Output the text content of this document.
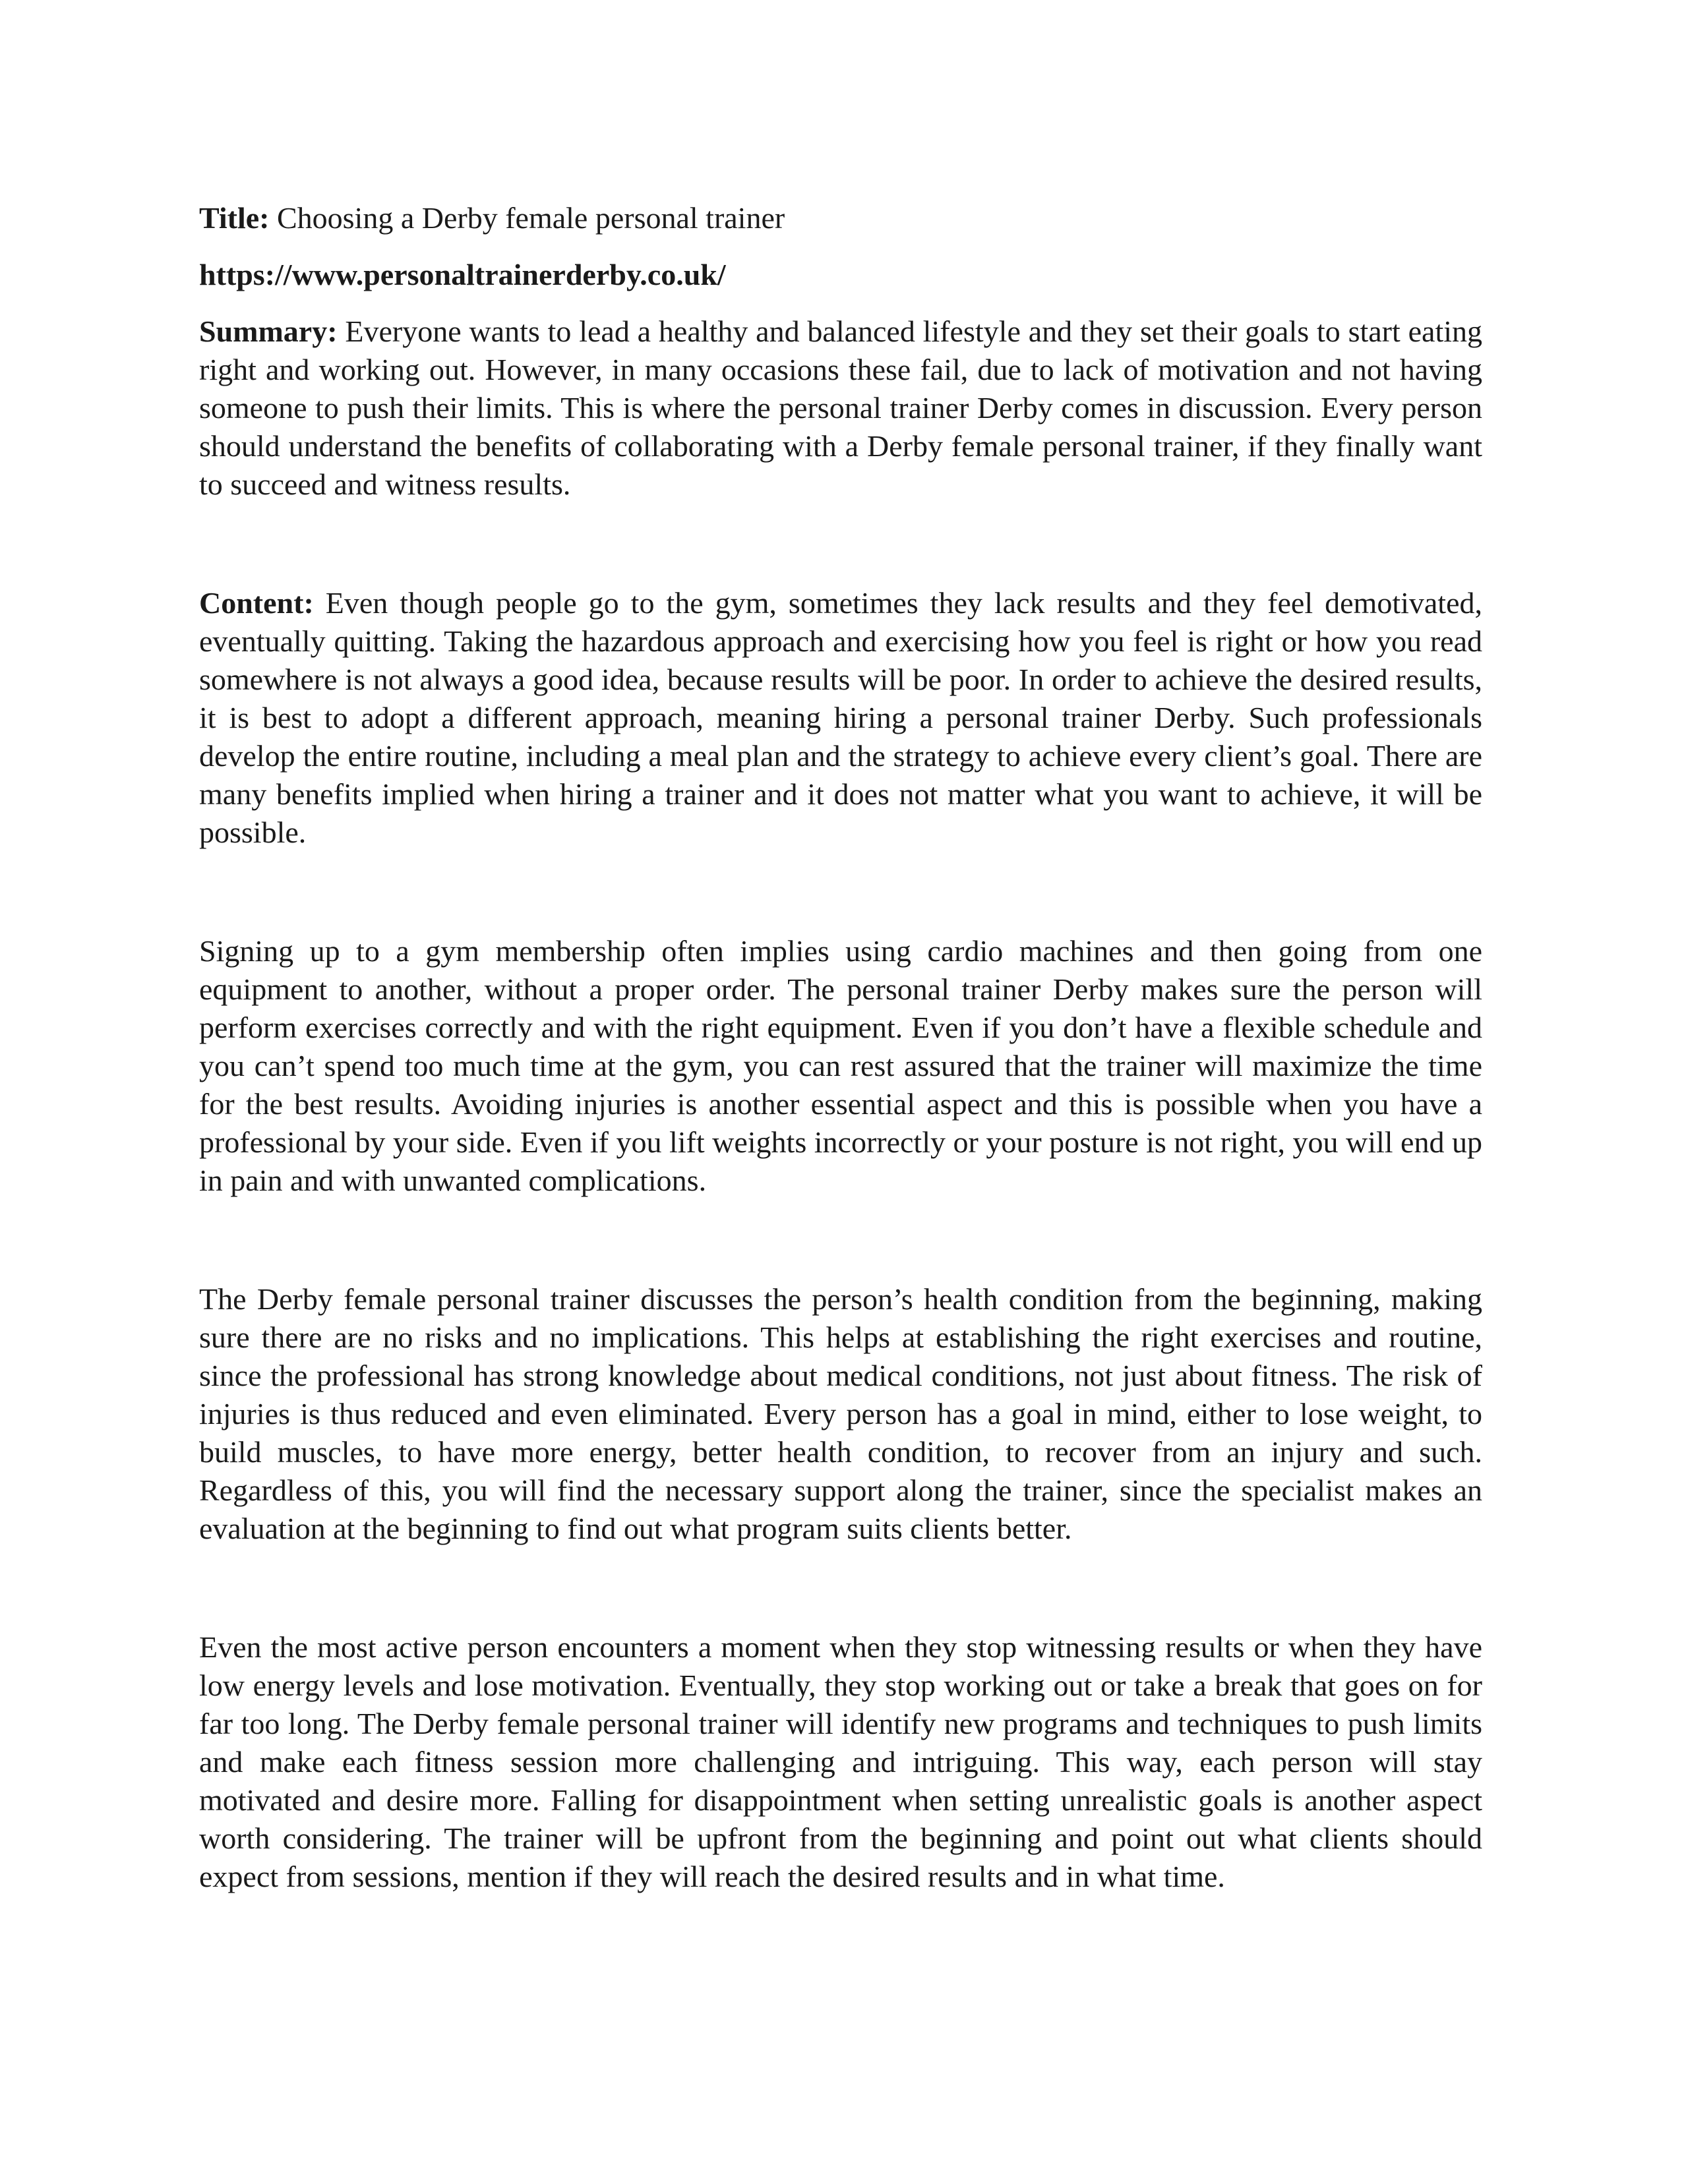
Title: Choosing a Derby female personal trainer

https://www.personaltrainerderby.co.uk/

Summary: Everyone wants to lead a healthy and balanced lifestyle and they set their goals to start eating right and working out. However, in many occasions these fail, due to lack of motivation and not having someone to push their limits. This is where the personal trainer Derby comes in discussion. Every person should understand the benefits of collaborating with a Derby female personal trainer, if they finally want to succeed and witness results.

Content: Even though people go to the gym, sometimes they lack results and they feel demotivated, eventually quitting. Taking the hazardous approach and exercising how you feel is right or how you read somewhere is not always a good idea, because results will be poor. In order to achieve the desired results, it is best to adopt a different approach, meaning hiring a personal trainer Derby. Such professionals develop the entire routine, including a meal plan and the strategy to achieve every client’s goal. There are many benefits implied when hiring a trainer and it does not matter what you want to achieve, it will be possible.

Signing up to a gym membership often implies using cardio machines and then going from one equipment to another, without a proper order. The personal trainer Derby makes sure the person will perform exercises correctly and with the right equipment. Even if you don’t have a flexible schedule and you can’t spend too much time at the gym, you can rest assured that the trainer will maximize the time for the best results. Avoiding injuries is another essential aspect and this is possible when you have a professional by your side. Even if you lift weights incorrectly or your posture is not right, you will end up in pain and with unwanted complications.

The Derby female personal trainer discusses the person’s health condition from the beginning, making sure there are no risks and no implications. This helps at establishing the right exercises and routine, since the professional has strong knowledge about medical conditions, not just about fitness. The risk of injuries is thus reduced and even eliminated. Every person has a goal in mind, either to lose weight, to build muscles, to have more energy, better health condition, to recover from an injury and such. Regardless of this, you will find the necessary support along the trainer, since the specialist makes an evaluation at the beginning to find out what program suits clients better.

Even the most active person encounters a moment when they stop witnessing results or when they have low energy levels and lose motivation. Eventually, they stop working out or take a break that goes on for far too long. The Derby female personal trainer will identify new programs and techniques to push limits and make each fitness session more challenging and intriguing. This way, each person will stay motivated and desire more. Falling for disappointment when setting unrealistic goals is another aspect worth considering. The trainer will be upfront from the beginning and point out what clients should expect from sessions, mention if they will reach the desired results and in what time.
